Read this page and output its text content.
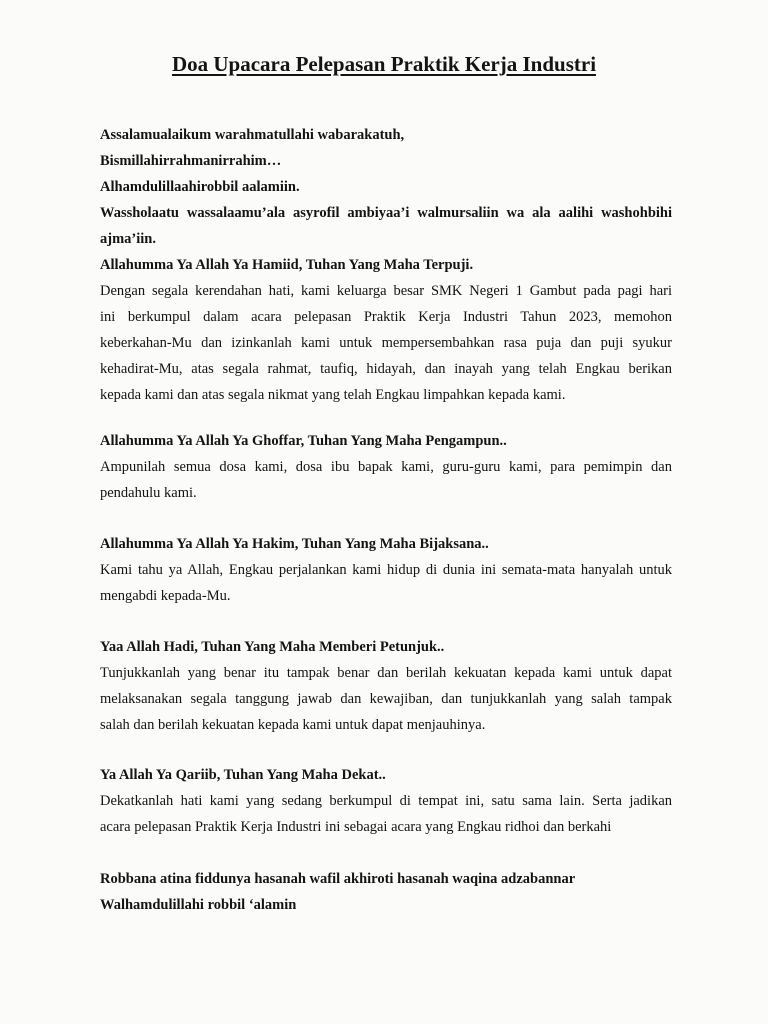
Doa Upacara Pelepasan Praktik Kerja Industri
Assalamualaikum warahmatullahi wabarakatuh,
Bismillahirrahmanirrahim…
Alhamdulillaahirobbil aalamiin.
Wassholaatu wassalaamu’ala asyrofil ambiyaa’i walmursaliin wa ala aalihi washohbihi
ajma’iin.
Allahumma Ya Allah Ya Hamiid, Tuhan Yang Maha Terpuji.
Dengan segala kerendahan hati, kami keluarga besar SMK Negeri 1 Gambut pada pagi hari
ini berkumpul dalam acara pelepasan Praktik Kerja Industri Tahun 2023, memohon
keberkahan-Mu dan izinkanlah kami untuk mempersembahkan rasa puja dan puji syukur
kehadirat-Mu, atas segala rahmat, taufiq, hidayah, dan inayah yang telah Engkau berikan
kepada kami dan atas segala nikmat yang telah Engkau limpahkan kepada kami.
Allahumma Ya Allah Ya Ghoffar, Tuhan Yang Maha Pengampun..
Ampunilah semua dosa kami, dosa ibu bapak kami, guru-guru kami, para pemimpin dan
pendahulu kami.
Allahumma Ya Allah Ya Hakim, Tuhan Yang Maha Bijaksana..
Kami tahu ya Allah, Engkau perjalankan kami hidup di dunia ini semata-mata hanyalah untuk
mengabdi kepada-Mu.
Yaa Allah Hadi, Tuhan Yang Maha Memberi Petunjuk..
Tunjukkanlah yang benar itu tampak benar dan berilah kekuatan kepada kami untuk dapat
melaksanakan segala tanggung jawab dan kewajiban, dan tunjukkanlah yang salah tampak
salah dan berilah kekuatan kepada kami untuk dapat menjauhinya.
Ya Allah Ya Qariib, Tuhan Yang Maha Dekat..
Dekatkanlah hati kami yang sedang berkumpul di tempat ini, satu sama lain. Serta jadikan
acara pelepasan Praktik Kerja Industri ini sebagai acara yang Engkau ridhoi dan berkahi
Robbana atina fiddunya hasanah wafil akhiroti hasanah waqina adzabannar
Walhamdulillahi robbil ‘alamin
